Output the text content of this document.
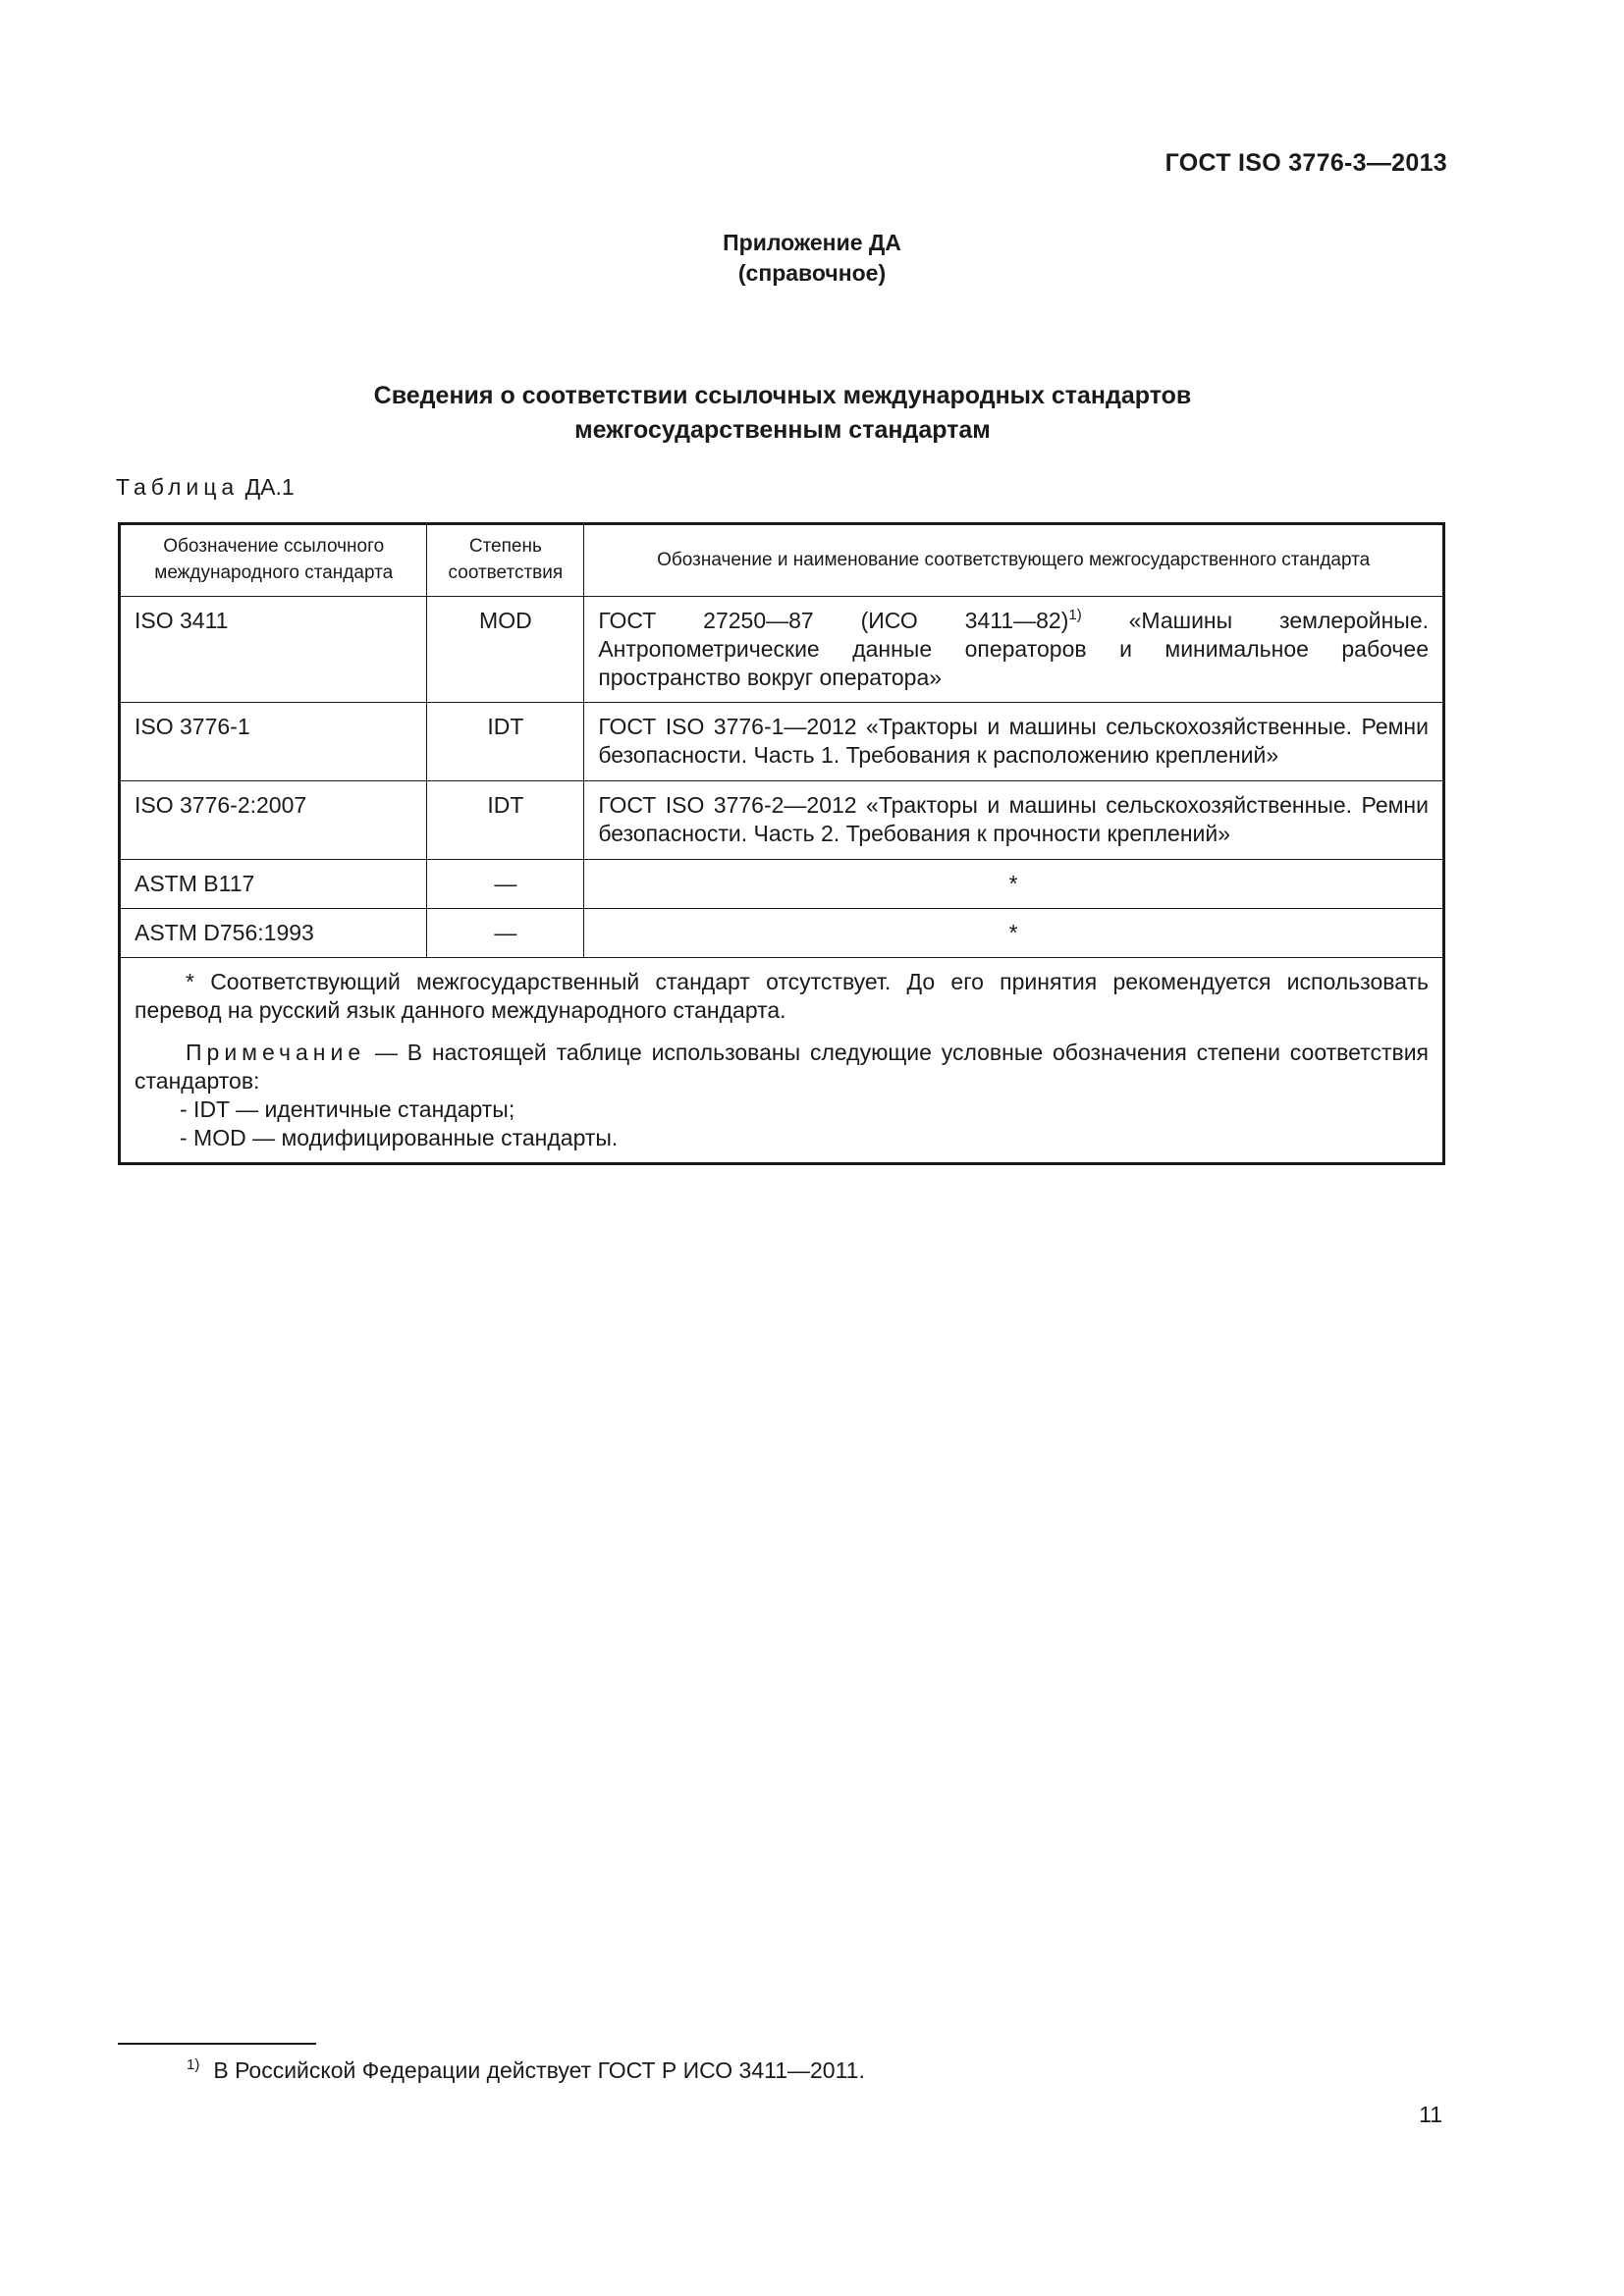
ГОСТ ISO 3776-3—2013
Приложение ДА
(справочное)
Сведения о соответствии ссылочных международных стандартов
межгосударственным стандартам
Таблица ДА.1
Обозначение ссылочного международного стандарта	Степень соответствия	Обозначение и наименование соответствующего межгосударственного стандарта
ISO 3411	MOD	ГОСТ 27250—87 (ИСО 3411—82)$^{1)}$ «Машины землеройные. Антропометрические данные операторов и минимальное рабочее пространство вокруг оператора»
ISO 3776-1	IDT	ГОСТ ISO 3776-1—2012 «Тракторы и машины сельскохозяйственные. Ремни безопасности. Часть 1. Требования к расположению креплений»
ISO 3776-2:2007	IDT	ГОСТ ISO 3776-2—2012 «Тракторы и машины сельскохозяйственные. Ремни безопасности. Часть 2. Требования к прочности креплений»
ASTM B117	—	*
ASTM D756:1993	—	*

* Соответствующий межгосударственный стандарт отсутствует. До его принятия рекомендуется использовать перевод на русский язык данного международного стандарта.

Примечание — В настоящей таблице использованы следующие условные обозначения степени соответствия стандартов:

- IDT — идентичные стандарты;
- MOD — модифицированные стандарты.		
$^{1)}$ В Российской Федерации действует ГОСТ Р ИСО 3411—2011.
11
